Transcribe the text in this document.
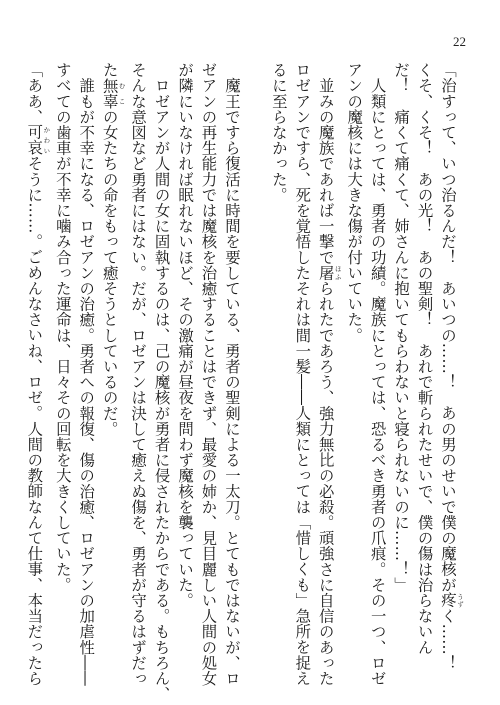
22
「治すって、いつ治るんだ！　あいつの……！　あの男のせいで僕の魔核が疼 うずく……！
くそ、くそ！　あの光！　あの聖剣！　あれで斬られたせいで、僕の傷は治らないん
だ！　痛くて痛くて、姉さんに抱いてもらわないと寝られないのに……！」
　人類にとっては、勇者の功績。魔族にとっては、恐るべき勇者の爪痕。その一つ、ロゼ
アンの魔核には大きな傷が付いていた。
　並みの魔族であれば一撃で屠 ほふられたであろう、強力無比の必殺。頑強さに自信のあった
ロゼアンですら、死を覚悟したそれは間一髪――人類にとっては「惜しくも」急所を捉え
るに至らなかった。
　魔王ですら復活に時間を要している、勇者の聖剣による一太刀。とてもではないが、ロ
ゼアンの再生能力では魔核を治癒することはできず、最愛の姉か、見目麗しい人間の処女
が隣にいなければ眠れないほど、その激痛が昼夜を問わず魔核を襲っていた。
　ロゼアンが人間の女に固執するのは、己の魔核が勇者に侵されたからである。もちろん、
そんな意図など勇者にはない。だが、ロゼアンは決して癒えぬ傷を、勇者が守るはずだっ
た無辜 むこの女たちの命をもって癒そうとしているのだ。
　誰もが不幸になる、ロゼアンの治癒。勇者への報復、傷の治癒、ロゼアンの加虐性――
すべての歯車が不幸に噛み合った運命は、日々その回転を大きくしていた。
「ああ、可哀 かわいそうに……。ごめんなさいね、ロゼ。人間の教師なんて仕事、本当だったら
